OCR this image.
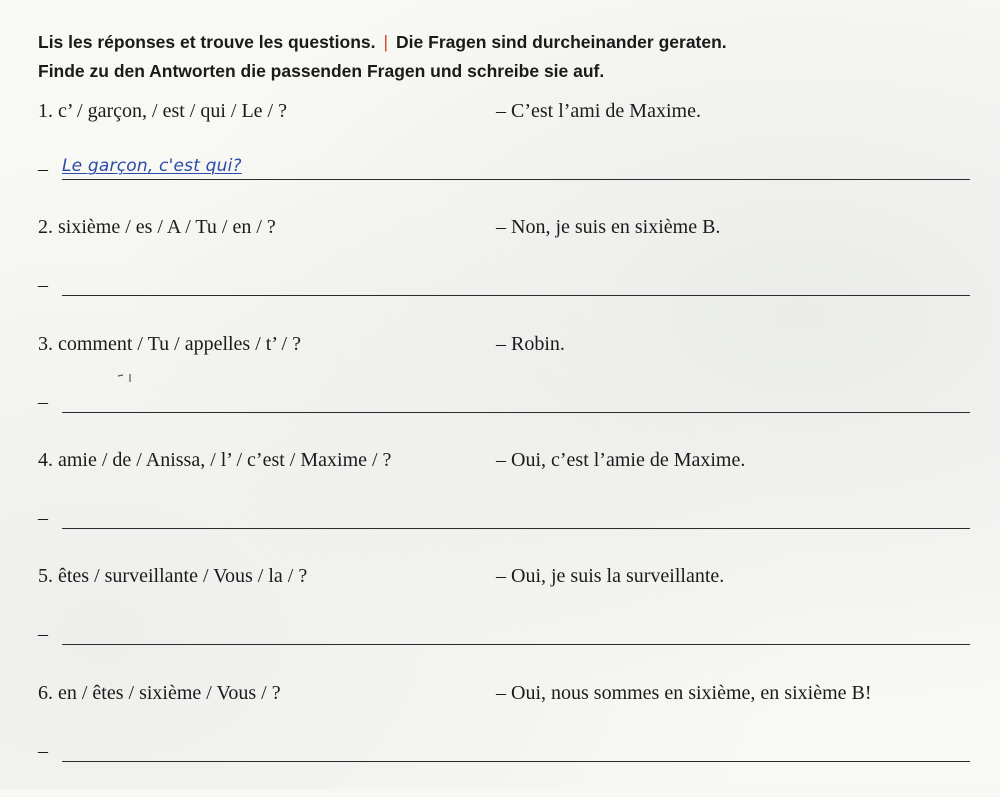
Lis les réponses et trouve les questions. | Die Fragen sind durcheinander geraten.
Finde zu den Antworten die passenden Fragen und schreibe sie auf.
1. c’ / garçon, / est / qui / Le / ?	– C’est l’ami de Maxime.
– Le garçon, c'est qui?
2. sixième / es / A / Tu / en / ?	– Non, je suis en sixième B.
–
3. comment / Tu / appelles / t’ / ?	– Robin.
–
4. amie / de / Anissa, / l’ / c’est / Maxime / ?	– Oui, c’est l’amie de Maxime.
–
5. êtes / surveillante / Vous / la / ?	– Oui, je suis la surveillante.
–
6. en / êtes / sixième / Vous / ?	– Oui, nous sommes en sixième, en sixième B!
–
